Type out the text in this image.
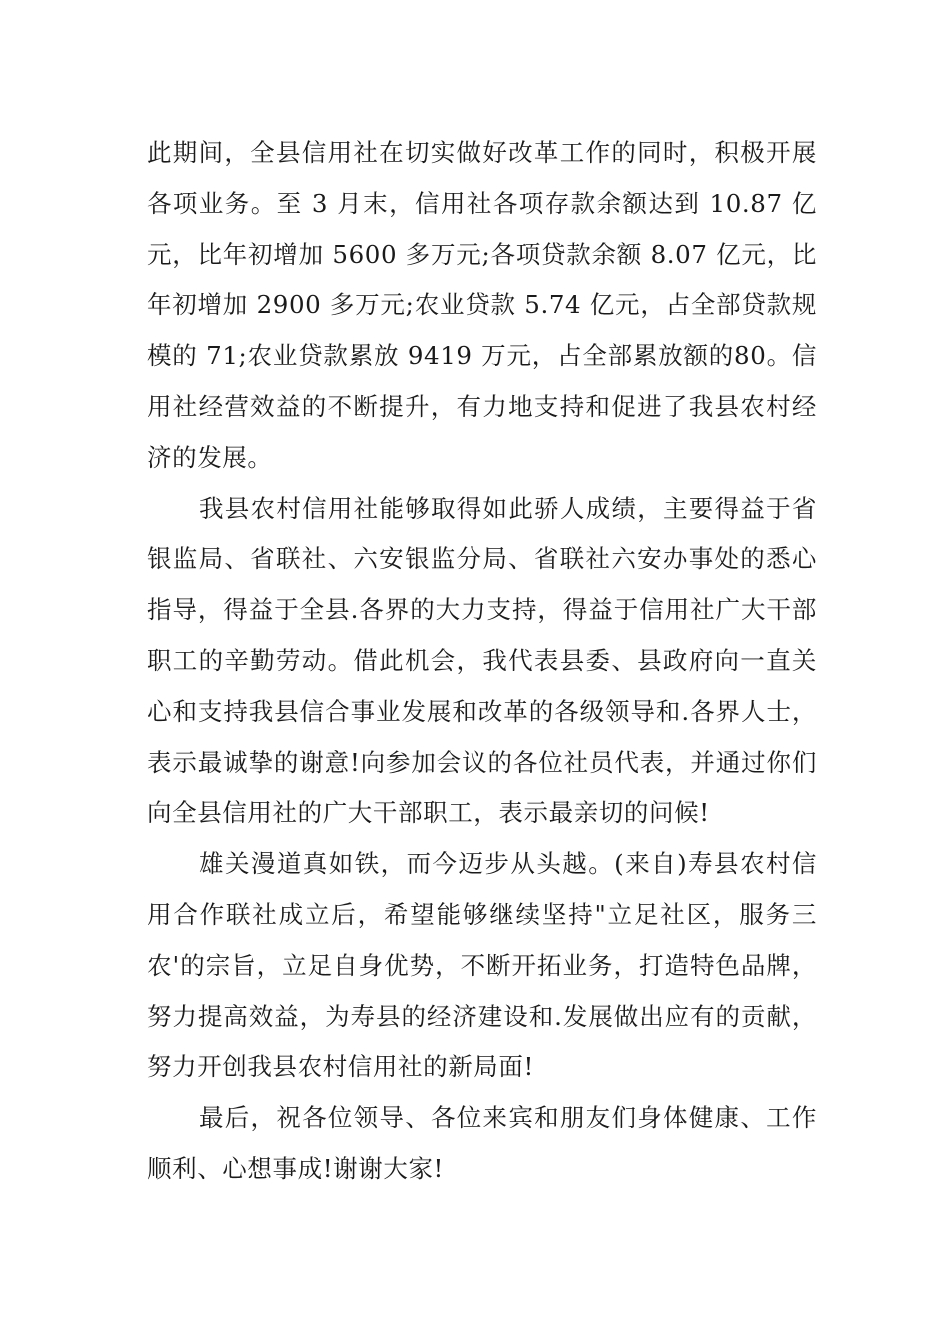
此期间，全县信用社在切实做好改革工作的同时，积极开展各项业务。至 3 月末，信用社各项存款余额达到 10.87 亿元，比年初增加 5600 多万元;各项贷款余额 8.07 亿元，比年初增加 2900 多万元;农业贷款 5.74 亿元，占全部贷款规模的 71;农业贷款累放 9419 万元，占全部累放额的80。信用社经营效益的不断提升，有力地支持和促进了我县农村经济的发展。

我县农村信用社能够取得如此骄人成绩，主要得益于省银监局、省联社、六安银监分局、省联社六安办事处的悉心指导，得益于全县.各界的大力支持，得益于信用社广大干部职工的辛勤劳动。借此机会，我代表县委、县政府向一直关心和支持我县信合事业发展和改革的各级领导和.各界人士，表示最诚挚的谢意!向参加会议的各位社员代表，并通过你们向全县信用社的广大干部职工，表示最亲切的问候!

雄关漫道真如铁，而今迈步从头越。(来自)寿县农村信用合作联社成立后，希望能够继续坚持"立足社区，服务三农'的宗旨，立足自身优势，不断开拓业务，打造特色品牌，努力提高效益，为寿县的经济建设和.发展做出应有的贡献，努力开创我县农村信用社的新局面!

最后，祝各位领导、各位来宾和朋友们身体健康、工作顺利、心想事成!谢谢大家!
